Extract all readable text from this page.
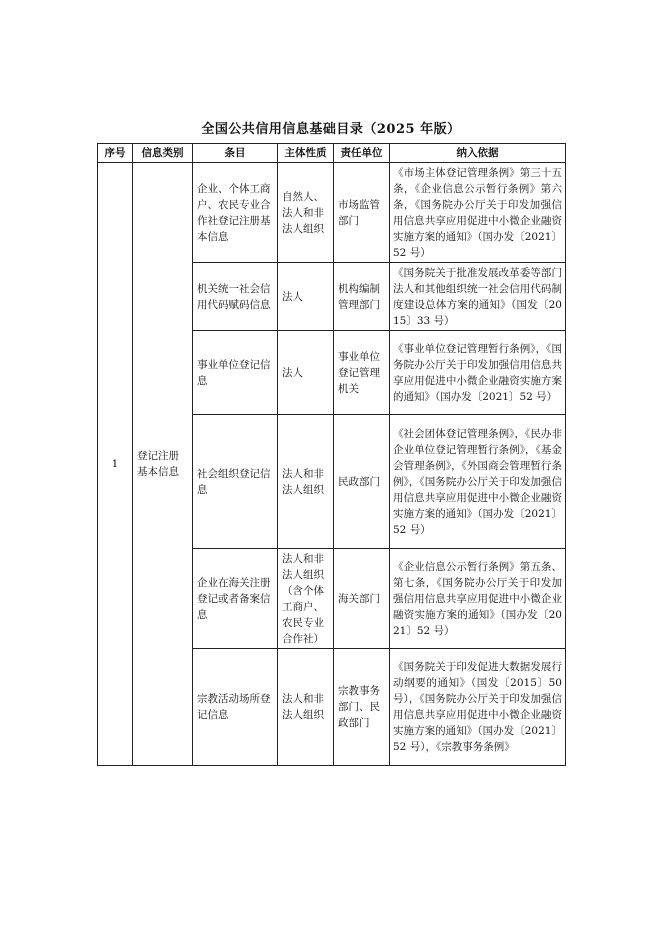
全国公共信用信息基础目录（2025 年版）
序号	信息类别	条目	主体性质	责任单位	纳入依据
1	登记注册基本信息	企业、个体工商户、农民专业合作社登记注册基本信息	自然人、法人和非法人组织	市场监管部门	《市场主体登记管理条例》第三十五条，《企业信息公示暂行条例》第六条，《国务院办公厅关于印发加强信用信息共享应用促进中小微企业融资实施方案的通知》（国办发〔2021〕52 号）
		机关统一社会信用代码赋码信息	法人	机构编制管理部门	《国务院关于批准发展改革委等部门法人和其他组织统一社会信用代码制度建设总体方案的通知》（国发〔2015〕33 号）
		事业单位登记信息	法人	事业单位登记管理机关	《事业单位登记管理暂行条例》，《国务院办公厅关于印发加强信用信息共享应用促进中小微企业融资实施方案的通知》（国办发〔2021〕52 号）
		社会组织登记信息	法人和非法人组织	民政部门	《社会团体登记管理条例》，《民办非企业单位登记管理暂行条例》，《基金会管理条例》，《外国商会管理暂行条例》，《国务院办公厅关于印发加强信用信息共享应用促进中小微企业融资实施方案的通知》（国办发〔2021〕52 号）
		企业在海关注册登记或者备案信息	法人和非法人组织（含个体工商户、农民专业合作社）	海关部门	《企业信息公示暂行条例》第五条、第七条，《国务院办公厅关于印发加强信用信息共享应用促进中小微企业融资实施方案的通知》（国办发〔2021〕52 号）
		宗教活动场所登记信息	法人和非法人组织	宗教事务部门、民政部门	《国务院关于印发促进大数据发展行动纲要的通知》（国发〔2015〕50 号），《国务院办公厅关于印发加强信用信息共享应用促进中小微企业融资实施方案的通知》（国办发〔2021〕52 号），《宗教事务条例》
